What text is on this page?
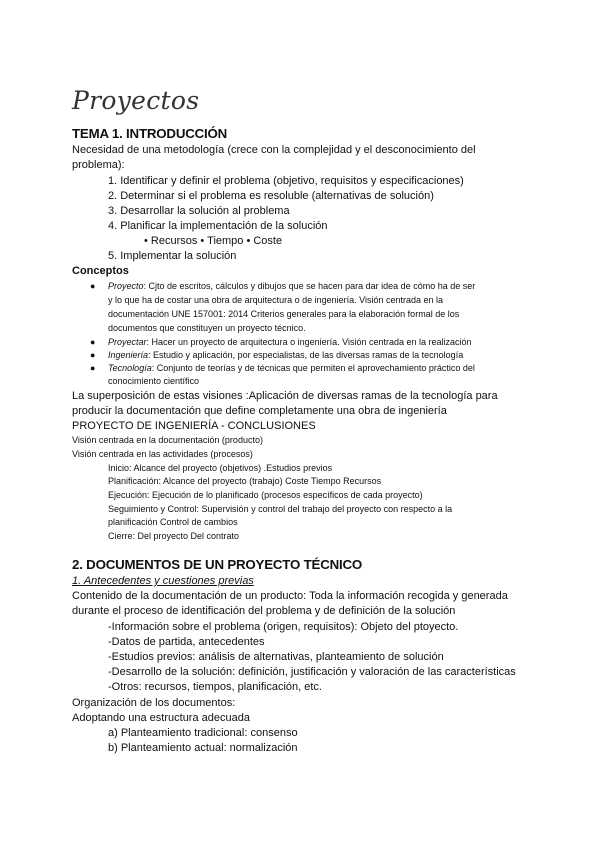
Proyectos
TEMA 1. INTRODUCCIÓN
Necesidad de una metodología (crece con la complejidad y el desconocimiento del
problema):
1. Identificar y definir el problema (objetivo, requisitos y especificaciones)
2. Determinar si el problema es resoluble (alternativas de solución)
3. Desarrollar la solución al problema
4. Planificar la implementación de la solución
• Recursos • Tiempo • Coste
5. Implementar la solución
Conceptos
● Proyecto: Cjto de escritos, cálculos y dibujos que se hacen para dar idea de cómo ha de ser
y lo que ha de costar una obra de arquitectura o de ingeniería. Visión centrada en la
documentación UNE 157001: 2014 Criterios generales para la elaboración formal de los
documentos que constituyen un proyecto técnico.
● Proyectar: Hacer un proyecto de arquitectura o ingeniería. Visión centrada en la realización
● Ingeniería: Estudio y aplicación, por especialistas, de las diversas ramas de la tecnología
● Tecnología: Conjunto de teorías y de técnicas que permiten el aprovechamiento práctico del
conocimiento científico
La superposición de estas visiones :Aplicación de diversas ramas de la tecnología para
producir la documentación que define completamente una obra de ingeniería
PROYECTO DE INGENIERÍA - CONCLUSIONES
Visión centrada en la documentación (producto)
Visión centrada en las actividades (procesos)
Inicio: Alcance del proyecto (objetivos) .Estudios previos
Planificación: Alcance del proyecto (trabajo) Coste Tiempo Recursos
Ejecución: Ejecución de lo planificado (procesos específicos de cada proyecto)
Seguimiento y Control: Supervisión y control del trabajo del proyecto con respecto a la
planificación Control de cambios
Cierre: Del proyecto Del contrato
2. DOCUMENTOS DE UN PROYECTO TÉCNICO
1. Antecedentes y cuestiones previas
Contenido de la documentación de un producto: Toda la información recogida y generada
durante el proceso de identificación del problema y de definición de la solución
-Información sobre el problema (origen, requisitos): Objeto del ptoyecto.
-Datos de partida, antecedentes
-Estudios previos: análisis de alternativas, planteamiento de solución
-Desarrollo de la solución: definición, justificación y valoración de las características
-Otros: recursos, tiempos, planificación, etc.
Organización de los documentos:
Adoptando una estructura adecuada
a) Planteamiento tradicional: consenso
b) Planteamiento actual: normalización
